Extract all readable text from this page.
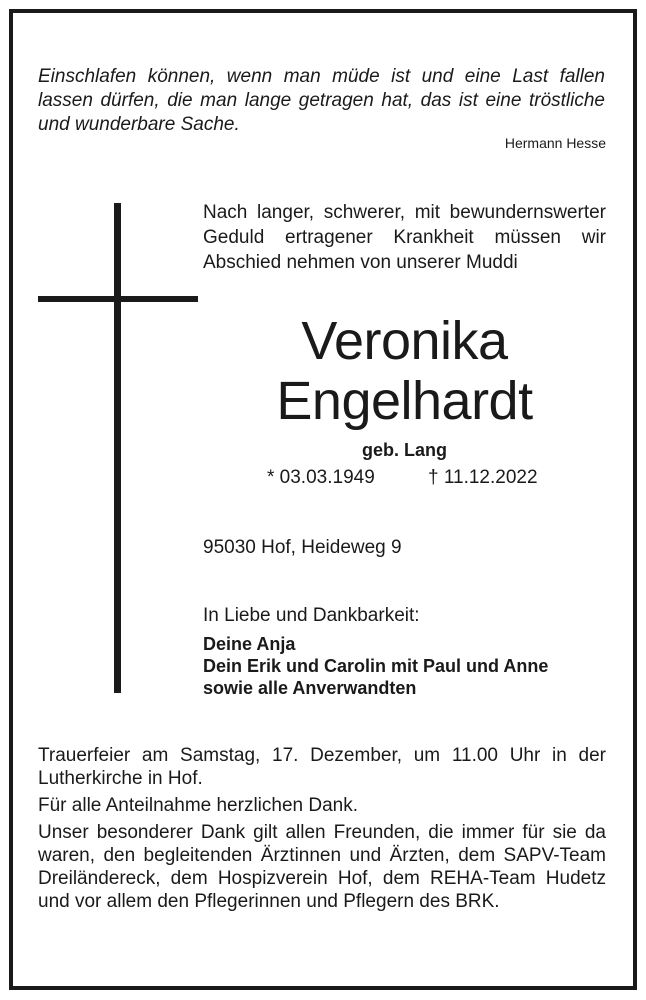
Einschlafen können, wenn man müde ist und eine Last fallen lassen dürfen, die man lange getragen hat, das ist eine tröstliche und wunderbare Sache.
Hermann Hesse
Nach langer, schwerer, mit bewundernswerter Geduld ertragener Krankheit müssen wir Abschied nehmen von unserer Muddi
Veronika
Engelhardt
geb. Lang
* 03.03.1949	† 11.12.2022
95030 Hof, Heideweg 9
In Liebe und Dankbarkeit:
Deine Anja
Dein Erik und Carolin mit Paul und Anne
sowie alle Anverwandten

Trauerfeier am Samstag, 17. Dezember, um 11.00 Uhr in der Lutherkirche in Hof.

Für alle Anteilnahme herzlichen Dank.

Unser besonderer Dank gilt allen Freunden, die immer für sie da waren, den begleitenden Ärztinnen und Ärzten, dem SAPV-Team Dreiländereck, dem Hospizverein Hof, dem REHA-Team Hudetz und vor allem den Pflegerinnen und Pflegern des BRK.
